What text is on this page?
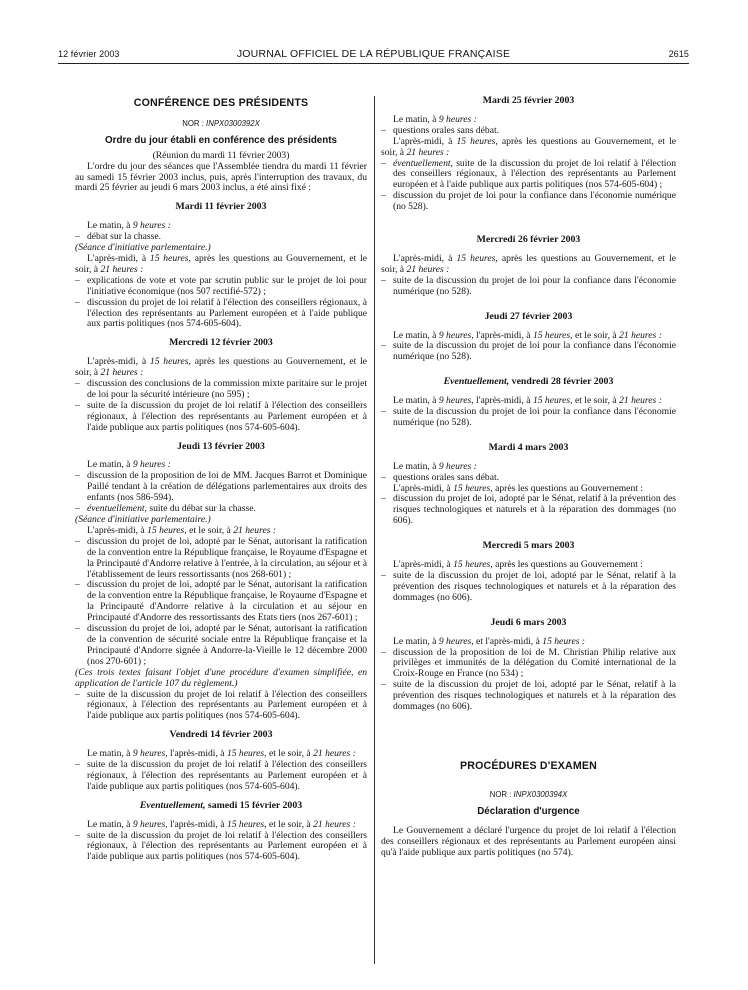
12 février 2003	JOURNAL OFFICIEL DE LA RÉPUBLIQUE FRANÇAISE	2615

CONFÉRENCE DES PRÉSIDENTS

NOR : INPX0300392X

Ordre du jour établi en conférence des présidents

(Réunion du mardi 11 février 2003)

L'ordre du jour des séances que l'Assemblée tiendra du mardi 11 février au samedi 15 février 2003 inclus, puis, après l'interruption des travaux, du mardi 25 février au jeudi 6 mars 2003 inclus, a été ainsi fixé :

Mardi 11 février 2003

Le matin, à 9 heures :

– débat sur la chasse.

(Séance d'initiative parlementaire.)

L'après-midi, à 15 heures, après les questions au Gouvernement, et le soir, à 21 heures :

– explications de vote et vote par scrutin public sur le projet de loi pour l'initiative économique (nos 507 rectifié-572) ;
– discussion du projet de loi relatif à l'élection des conseillers régionaux, à l'élection des représentants au Parlement européen et à l'aide publique aux partis politiques (nos 574-605-604).

Mercredi 12 février 2003

L'après-midi, à 15 heures, après les questions au Gouvernement, et le soir, à 21 heures :

– discussion des conclusions de la commission mixte paritaire sur le projet de loi pour la sécurité intérieure (no 595) ;
– suite de la discussion du projet de loi relatif à l'élection des conseillers régionaux, à l'élection des représentants au Parlement européen et à l'aide publique aux partis politiques (nos 574-605-604).

Jeudi 13 février 2003

Le matin, à 9 heures :

– discussion de la proposition de loi de MM. Jacques Barrot et Dominique Paillé tendant à la création de délégations parlementaires aux droits des enfants (nos 586-594).
– éventuellement, suite du débat sur la chasse.

(Séance d'initiative parlementaire.)

L'après-midi, à 15 heures, et le soir, à 21 heures :

– discussion du projet de loi, adopté par le Sénat, autorisant la ratification de la convention entre la République française, le Royaume d'Espagne et la Principauté d'Andorre relative à l'entrée, à la circulation, au séjour et à l'établissement de leurs ressortissants (nos 268-601) ;
– discussion du projet de loi, adopté par le Sénat, autorisant la ratification de la convention entre la République française, le Royaume d'Espagne et la Principauté d'Andorre relative à la circulation et au séjour en Principauté d'Andorre des ressortissants des Etats tiers (nos 267-601) ;
– discussion du projet de loi, adopté par le Sénat, autorisant la ratification de la convention de sécurité sociale entre la République française et la Principauté d'Andorre signée à Andorre-la-Vieille le 12 décembre 2000 (nos 270-601) ;

(Ces trois textes faisant l'objet d'une procédure d'examen simplifiée, en application de l'article 107 du règlement.)

– suite de la discussion du projet de loi relatif à l'élection des conseillers régionaux, à l'élection des représentants au Parlement européen et à l'aide publique aux partis politiques (nos 574-605-604).

Vendredi 14 février 2003

Le matin, à 9 heures, l'après-midi, à 15 heures, et le soir, à 21 heures :

– suite de la discussion du projet de loi relatif à l'élection des conseillers régionaux, à l'élection des représentants au Parlement européen et à l'aide publique aux partis politiques (nos 574-605-604).

Eventuellement, samedi 15 février 2003

Le matin, à 9 heures, l'après-midi, à 15 heures, et le soir, à 21 heures :

– suite de la discussion du projet de loi relatif à l'élection des conseillers régionaux, à l'élection des représentants au Parlement européen et à l'aide publique aux partis politiques (nos 574-605-604).

Mardi 25 février 2003

Le matin, à 9 heures :

– questions orales sans débat.

L'après-midi, à 15 heures, après les questions au Gouvernement, et le soir, à 21 heures :

– éventuellement, suite de la discussion du projet de loi relatif à l'élection des conseillers régionaux, à l'élection des représentants au Parlement européen et à l'aide publique aux partis politiques (nos 574-605-604) ;
– discussion du projet de loi pour la confiance dans l'économie numérique (no 528).

Mercredi 26 février 2003

L'après-midi, à 15 heures, après les questions au Gouvernement, et le soir, à 21 heures :

– suite de la discussion du projet de loi pour la confiance dans l'économie numérique (no 528).

Jeudi 27 février 2003

Le matin, à 9 heures, l'après-midi, à 15 heures, et le soir, à 21 heures :

– suite de la discussion du projet de loi pour la confiance dans l'économie numérique (no 528).

Eventuellement, vendredi 28 février 2003

Le matin, à 9 heures, l'après-midi, à 15 heures, et le soir, à 21 heures :

– suite de la discussion du projet de loi pour la confiance dans l'économie numérique (no 528).

Mardi 4 mars 2003

Le matin, à 9 heures :

– questions orales sans débat.

L'après-midi, à 15 heures, après les questions au Gouvernement :

– discussion du projet de loi, adopté par le Sénat, relatif à la prévention des risques technologiques et naturels et à la réparation des dommages (no 606).

Mercredi 5 mars 2003

L'après-midi, à 15 heures, après les questions au Gouvernement :

– suite de la discussion du projet de loi, adopté par le Sénat, relatif à la prévention des risques technologiques et naturels et à la réparation des dommages (no 606).

Jeudi 6 mars 2003

Le matin, à 9 heures, et l'après-midi, à 15 heures :

– discussion de la proposition de loi de M. Christian Philip relative aux privilèges et immunités de la délégation du Comité international de la Croix-Rouge en France (no 534) ;
– suite de la discussion du projet de loi, adopté par le Sénat, relatif à la prévention des risques technologiques et naturels et à la réparation des dommages (no 606).

PROCÉDURES D'EXAMEN

NOR : INPX0300394X

Déclaration d'urgence

Le Gouvernement a déclaré l'urgence du projet de loi relatif à l'élection des conseillers régionaux et des représentants au Parlement européen ainsi qu'à l'aide publique aux partis politiques (no 574).
